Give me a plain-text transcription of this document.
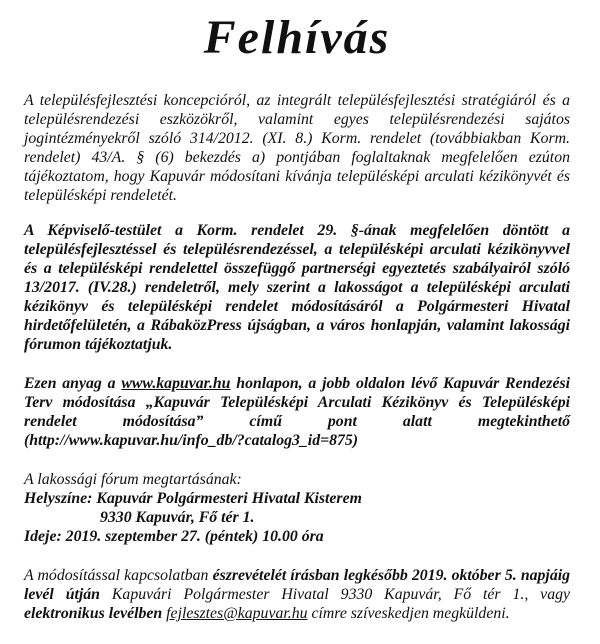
Felhívás

A településfejlesztési koncepcióról, az integrált településfejlesztési stratégiáról és a településrendezési eszközökről, valamint egyes településrendezési sajátos jogintézményekről szóló 314/2012. (XI. 8.) Korm. rendelet (továbbiakban Korm. rendelet) 43/A. § (6) bekezdés a) pontjában foglaltaknak megfelelően ezúton tájékoztatom, hogy Kapuvár módosítani kívánja településképi arculati kézikönyvét és településképi rendeletét.

A Képviselő-testület a Korm. rendelet 29. §-ának megfelelően döntött a településfejlesztéssel és településrendezéssel, a településképi arculati kézikönyvvel és a településképi rendelettel összefüggő partnerségi egyeztetés szabályairól szóló 13/2017. (IV.28.) rendeletről, mely szerint a lakosságot a településképi arculati kézikönyv és településképi rendelet módosításáról a Polgármesteri Hivatal hirdetőfelületén, a RábaközPress újságban, a város honlapján, valamint lakossági fórumon tájékoztatjuk.

Ezen anyag a www.kapuvar.hu honlapon, a jobb oldalon lévő Kapuvár Rendezési Terv módosítása „Kapuvár Településképi Arculati Kézikönyv és Településképi rendelet módosítása”	című pont alatt megtekinthető (http://www.kapuvar.hu/info_db/?catalog3_id=875)

A lakossági fórum megtartásának:
Helyszíne: Kapuvár Polgármesteri Hivatal Kisterem
9330 Kapuvár, Fő tér 1.
Ideje: 2019. szeptember 27. (péntek) 10.00 óra

A módosítással kapcsolatban észrevételét írásban legkésőbb 2019. október 5. napjáig levél útján Kapuvári Polgármester Hivatal 9330 Kapuvár, Fő tér 1., vagy elektronikus levélben fejlesztes@kapuvar.hu címre szíveskedjen megküldeni.
